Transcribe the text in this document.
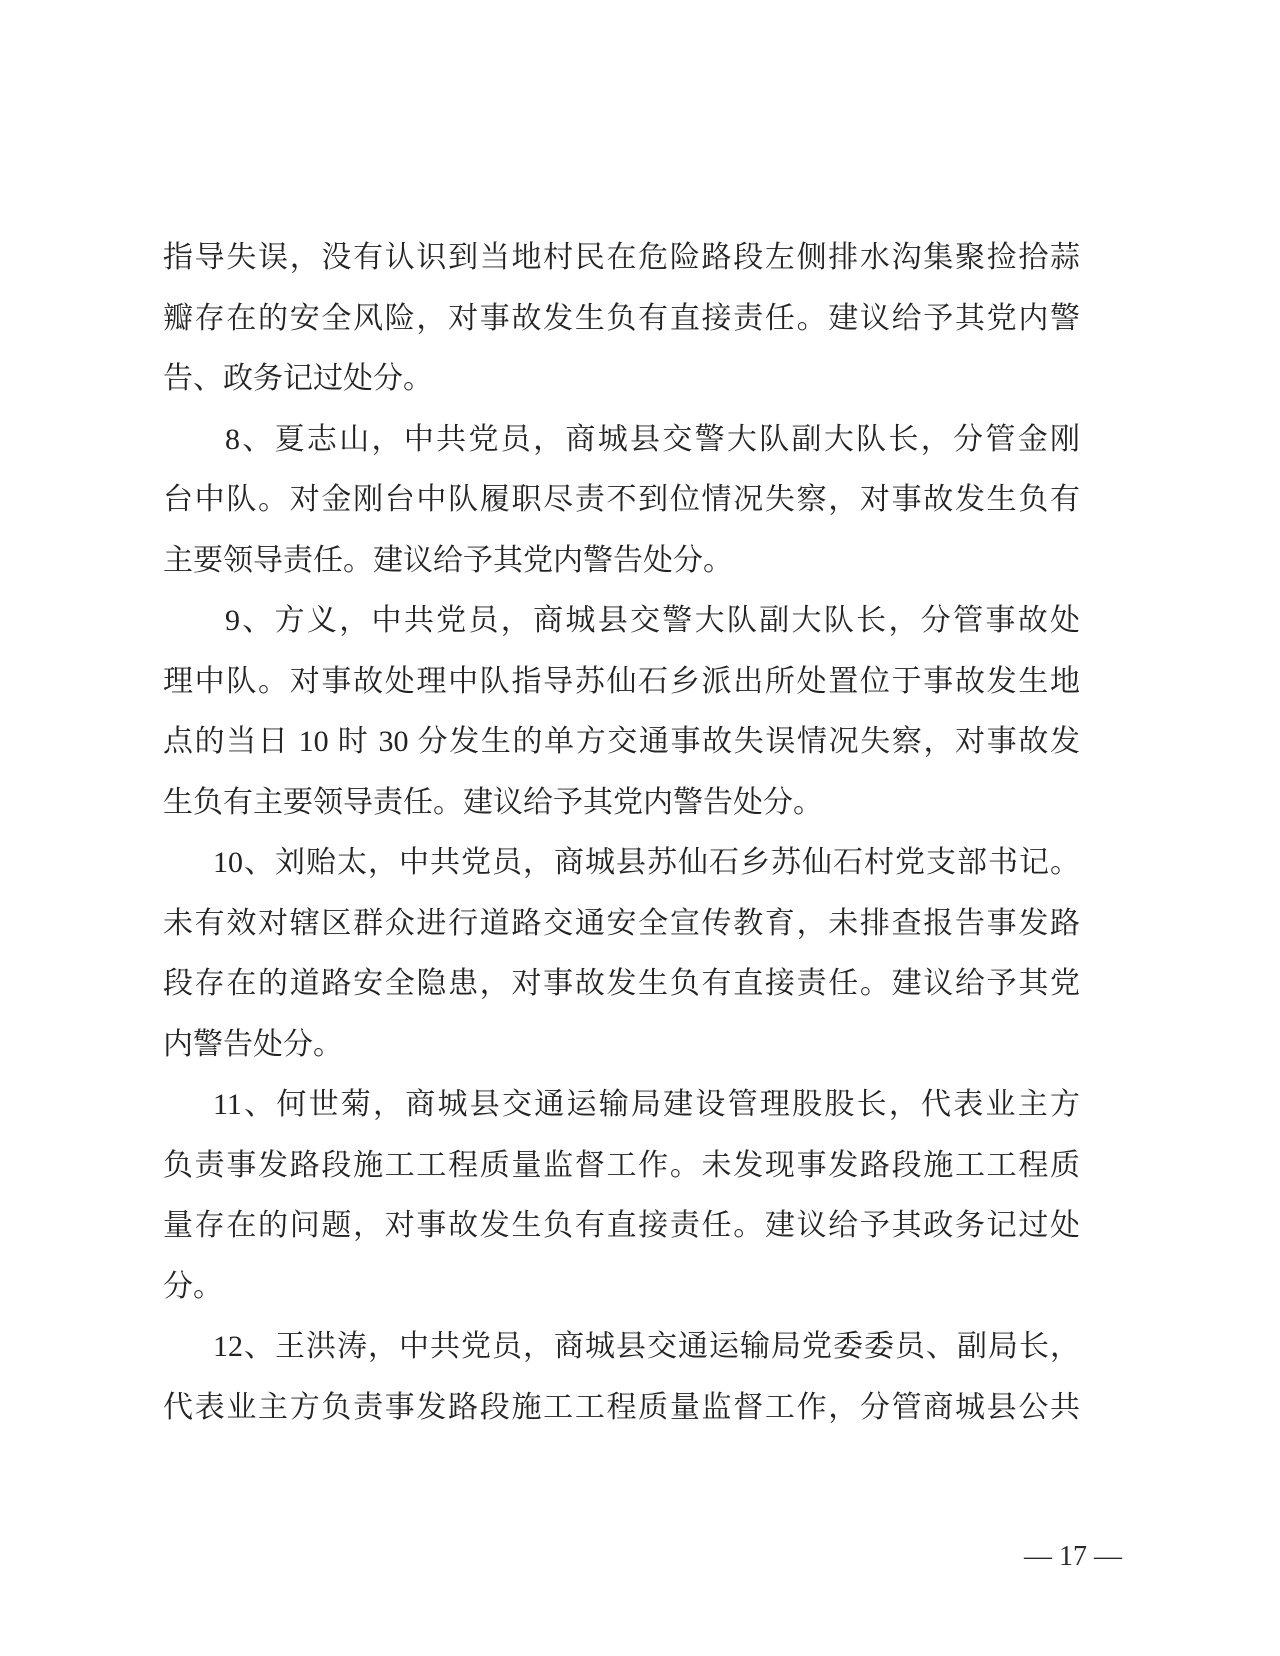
指导失误，没有认识到当地村民在危险路段左侧排水沟集聚捡拾蒜
瓣存在的安全风险，对事故发生负有直接责任。建议给予其党内警
告、政务记过处分。
8、夏志山，中共党员，商城县交警大队副大队长，分管金刚
台中队。对金刚台中队履职尽责不到位情况失察，对事故发生负有
主要领导责任。建议给予其党内警告处分。
9、方义，中共党员，商城县交警大队副大队长，分管事故处
理中队。对事故处理中队指导苏仙石乡派出所处置位于事故发生地
点的当日 10 时 30 分发生的单方交通事故失误情况失察，对事故发
生负有主要领导责任。建议给予其党内警告处分。
10、刘贻太，中共党员，商城县苏仙石乡苏仙石村党支部书记。
未有效对辖区群众进行道路交通安全宣传教育，未排查报告事发路
段存在的道路安全隐患，对事故发生负有直接责任。建议给予其党
内警告处分。
11、何世菊，商城县交通运输局建设管理股股长，代表业主方
负责事发路段施工工程质量监督工作。未发现事发路段施工工程质
量存在的问题，对事故发生负有直接责任。建议给予其政务记过处
分。
12、王洪涛，中共党员，商城县交通运输局党委委员、副局长，
代表业主方负责事发路段施工工程质量监督工作，分管商城县公共
— 17 —
